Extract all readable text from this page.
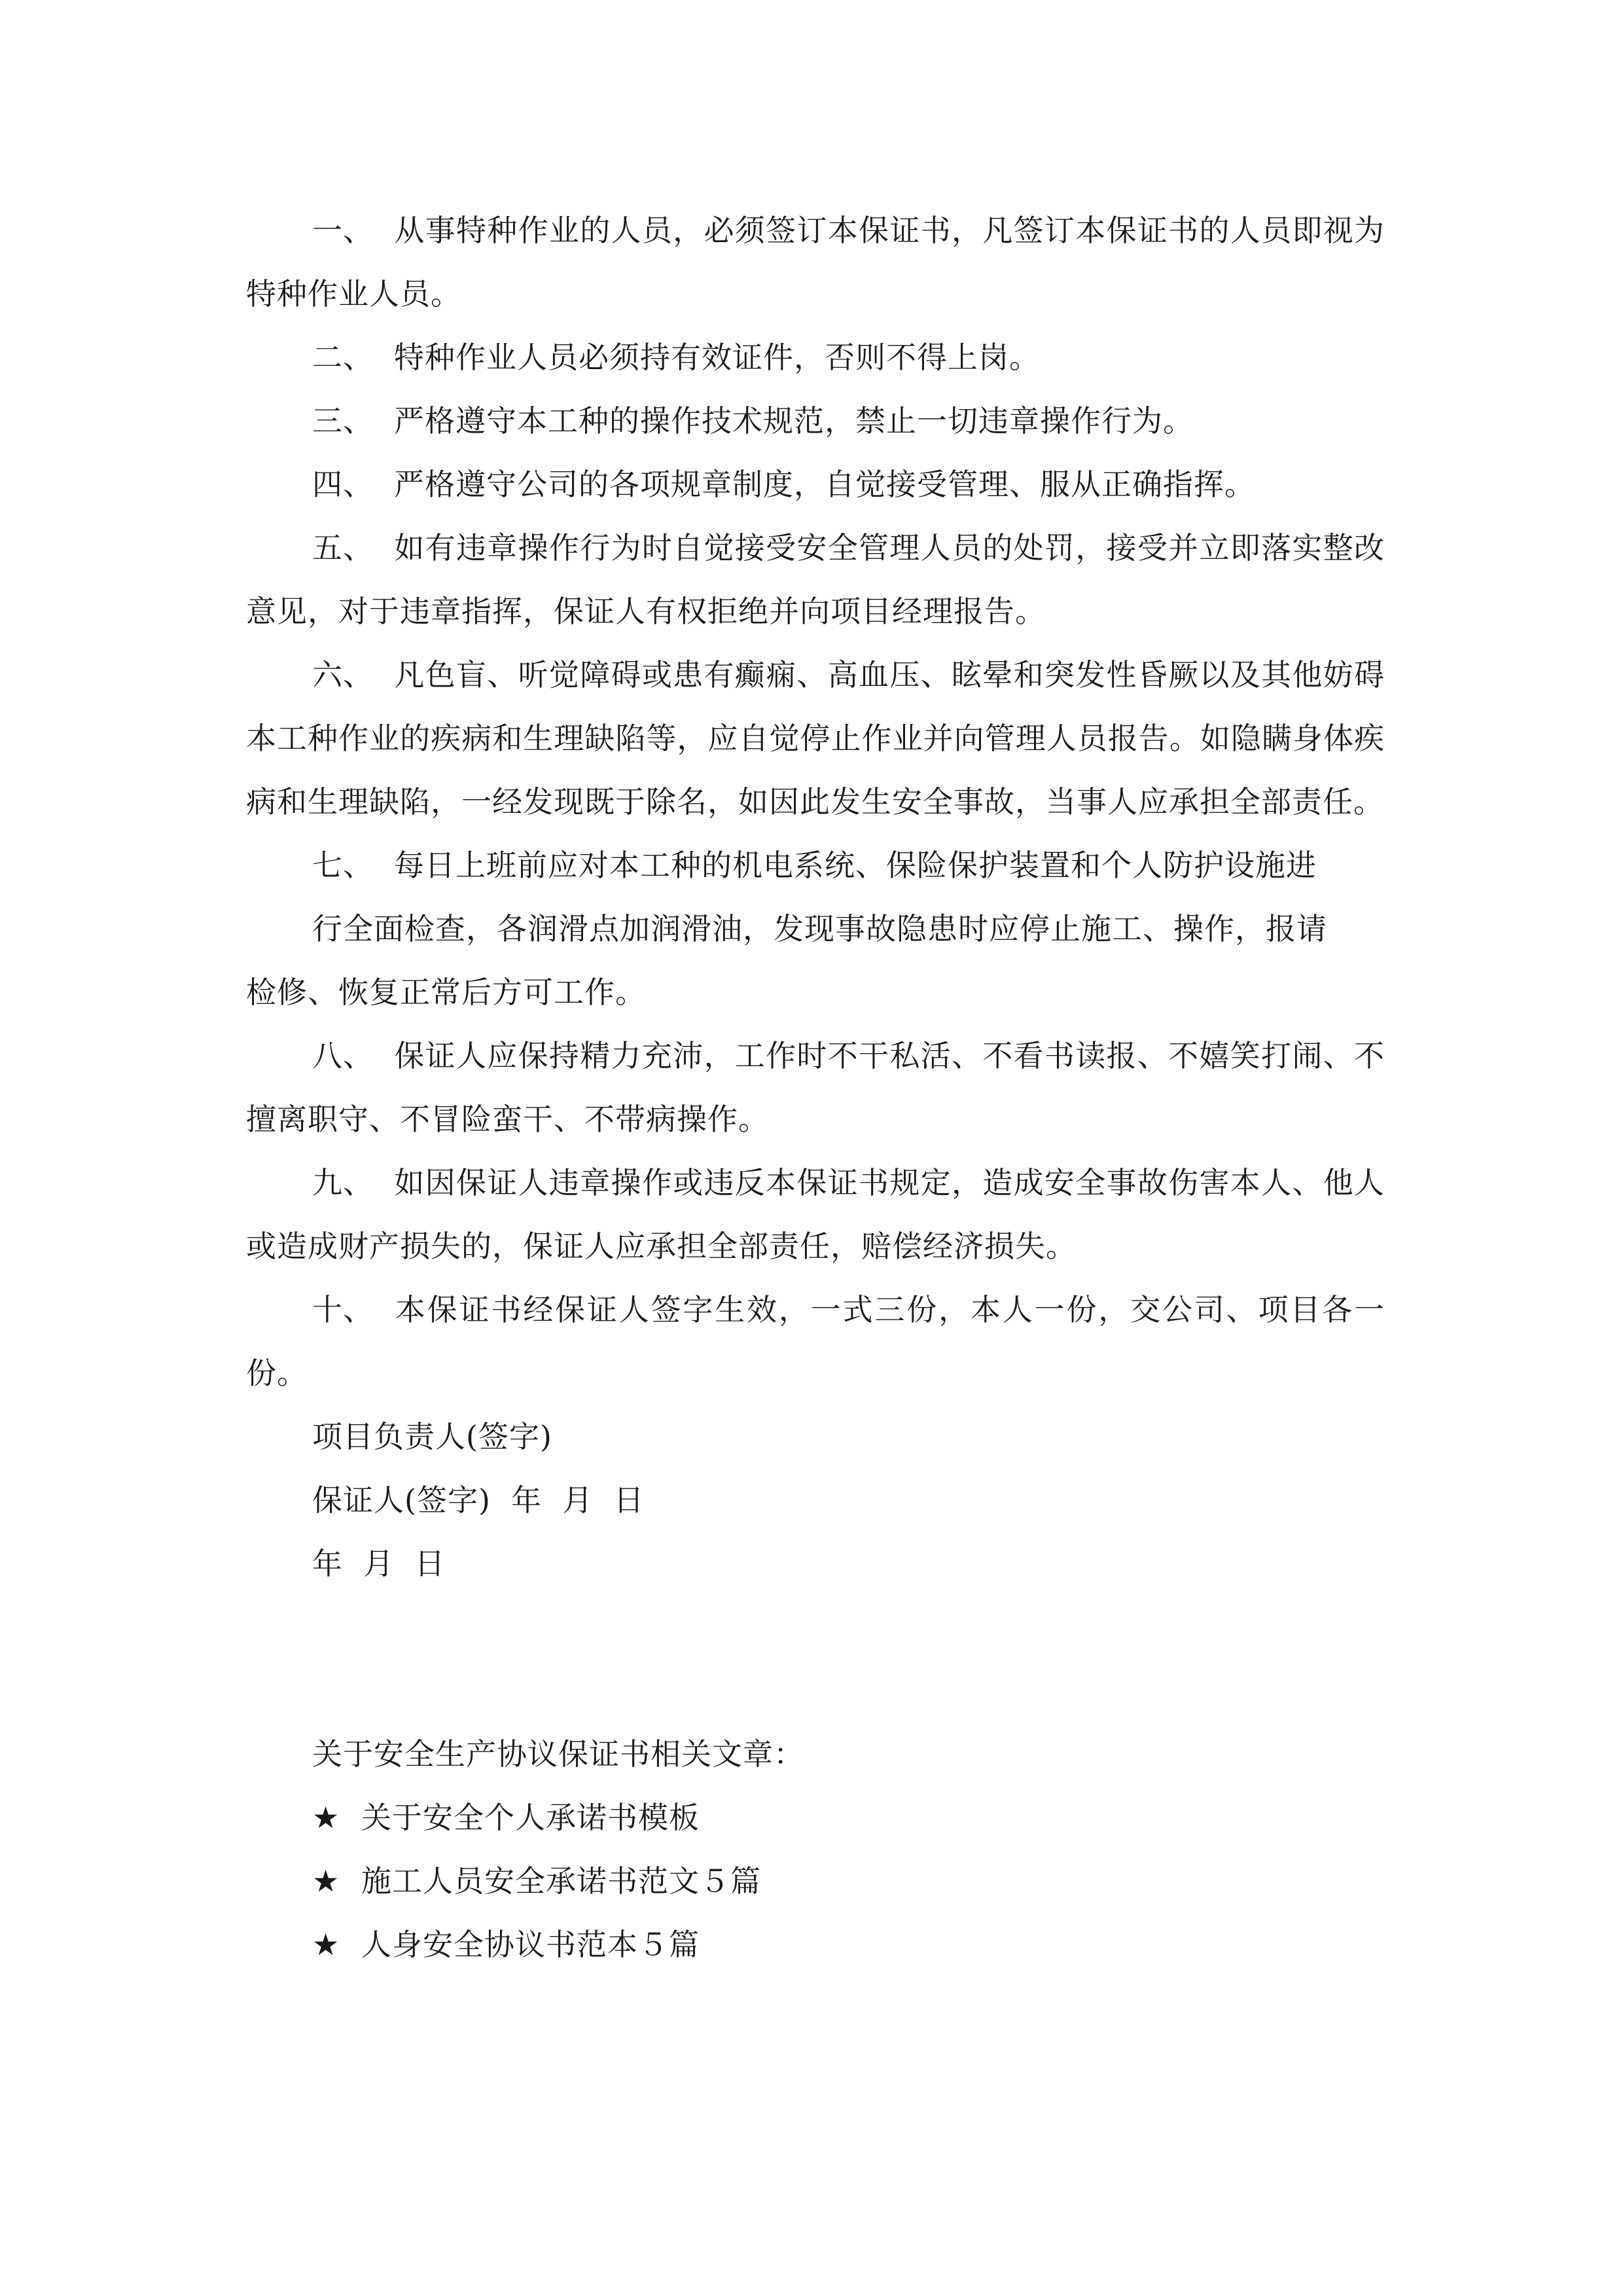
一、 从事特种作业的人员，必须签订本保证书，凡签订本保证书的人员即视为特种作业人员。

二、 特种作业人员必须持有效证件，否则不得上岗。

三、 严格遵守本工种的操作技术规范，禁止一切违章操作行为。

四、 严格遵守公司的各项规章制度，自觉接受管理、服从正确指挥。

五、 如有违章操作行为时自觉接受安全管理人员的处罚，接受并立即落实整改意见，对于违章指挥，保证人有权拒绝并向项目经理报告。

六、 凡色盲、听觉障碍或患有癫痫、高血压、眩晕和突发性昏厥以及其他妨碍本工种作业的疾病和生理缺陷等，应自觉停止作业并向管理人员报告。如隐瞒身体疾病和生理缺陷，一经发现既于除名，如因此发生安全事故，当事人应承担全部责任。

七、 每日上班前应对本工种的机电系统、保险保护装置和个人防护设施进

行全面检查，各润滑点加润滑油，发现事故隐患时应停止施工、操作，报请

检修、恢复正常后方可工作。

八、 保证人应保持精力充沛，工作时不干私活、不看书读报、不嬉笑打闹、不擅离职守、不冒险蛮干、不带病操作。

九、 如因保证人违章操作或违反本保证书规定，造成安全事故伤害本人、他人或造成财产损失的，保证人应承担全部责任，赔偿经济损失。

十、 本保证书经保证人签字生效，一式三份，本人一份，交公司、项目各一份。

项目负责人(签字)

保证人(签字)  年  月  日

年  月  日

关于安全生产协议保证书相关文章：

★ 关于安全个人承诺书模板

★ 施工人员安全承诺书范文５篇

★ 人身安全协议书范本５篇
